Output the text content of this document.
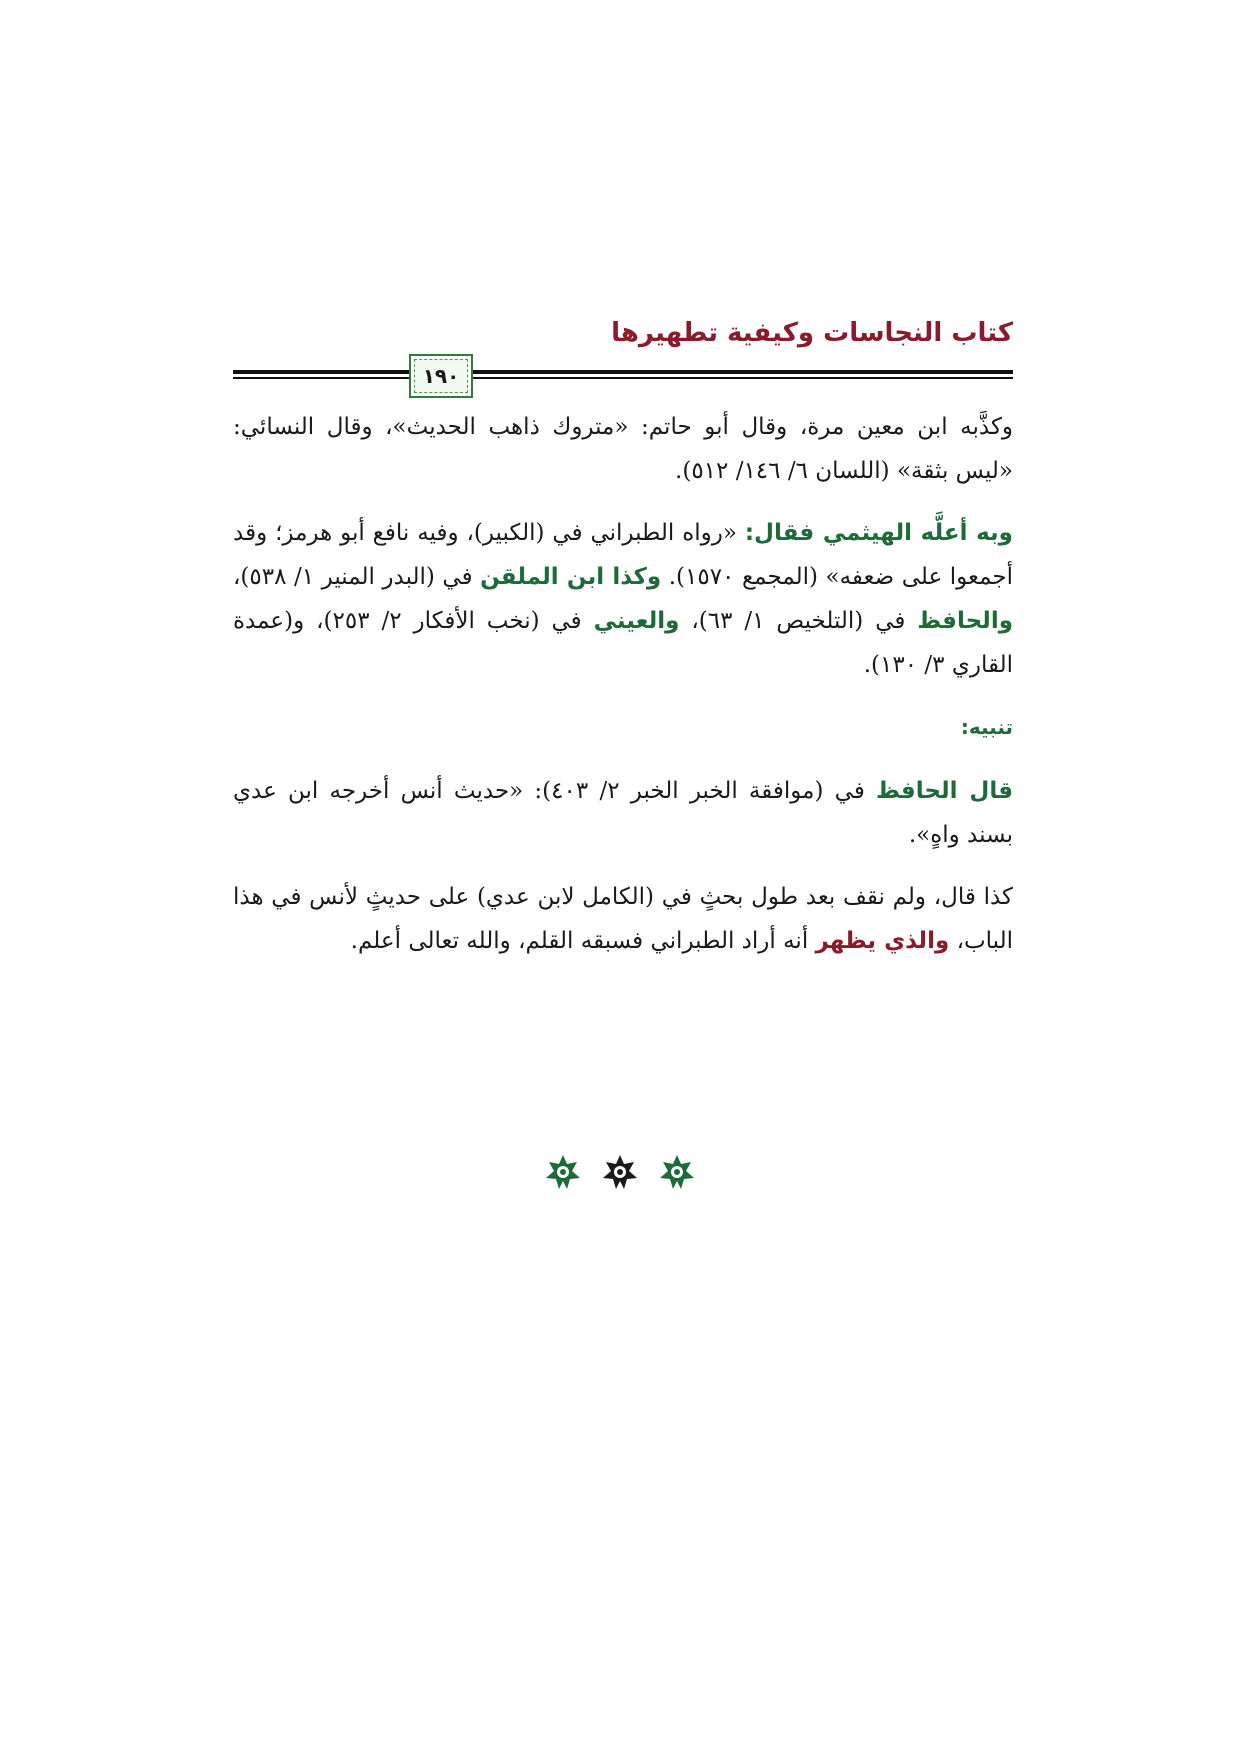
كتاب النجاسات وكيفية تطهيرها
١٩٠

وكذَّبه ابن معين مرة، وقال أبو حاتم: «متروك ذاهب الحديث»، وقال النسائي: «ليس بثقة» (اللسان ٦/ ١٤٦/ ٥١٢).

وبه أعلَّه الهيثمي فقال: «رواه الطبراني في (الكبير)، وفيه نافع أبو هرمز؛ وقد أجمعوا على ضعفه» (المجمع ١٥٧٠). وكذا ابن الملقن في (البدر المنير ١/ ٥٣٨)، والحافظ في (التلخيص ١/ ٦٣)، والعيني في (نخب الأفكار ٢/ ٢٥٣)، و(عمدة القاري ٣/ ١٣٠).

تنبيه:

قال الحافظ في (موافقة الخبر الخبر ٢/ ٤٠٣): «حديث أنس أخرجه ابن عدي بسند واهٍ».

كذا قال، ولم نقف بعد طول بحثٍ في (الكامل لابن عدي) على حديثٍ لأنس في هذا الباب، والذي يظهر أنه أراد الطبراني فسبقه القلم، والله تعالى أعلم.
